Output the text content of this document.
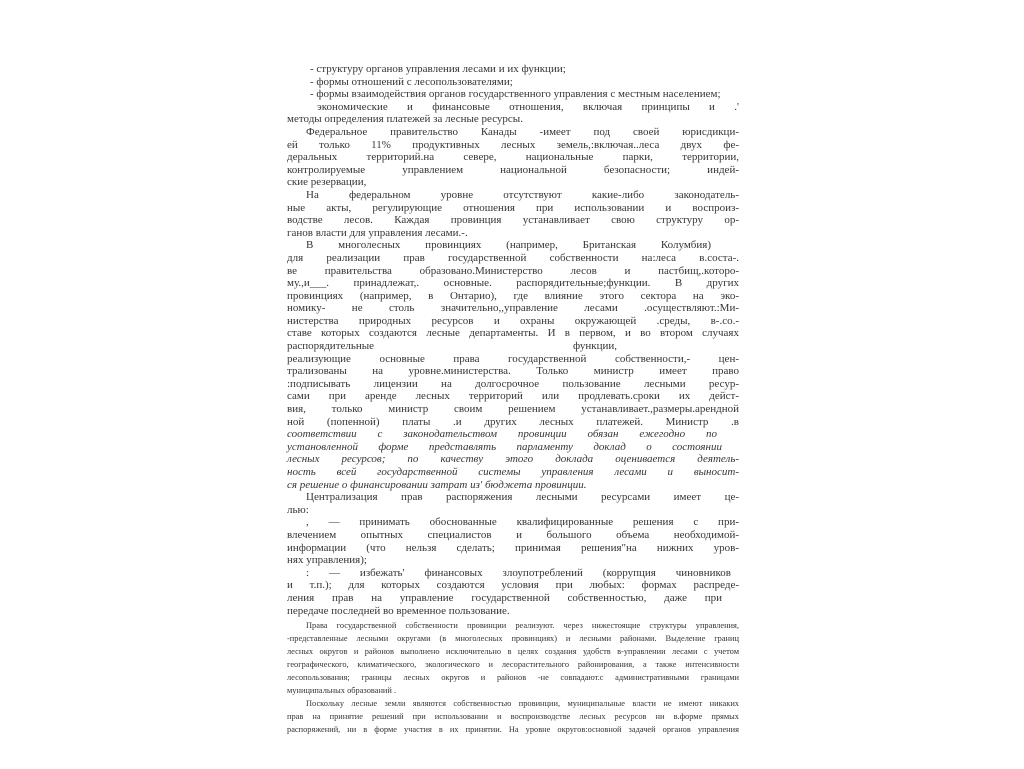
- структуру органов управления лесами и их функции;
- формы отношений с лесопользователями;
- формы взаимодействия органов государственного управления с местным населением;
экономические и финансовые отношения, включая принципы и .'
методы определения платежей за лесные ресурсы.
Федеральное правительство Канады -имеет под своей юрисдикци-
ей только 11% продуктивных лесных земель,:включая..леса двух фе-
деральных территорий.на севере, национальные парки, территории,
контролируемые управлением национальной безопасности; индей-
ские резервации,
На федеральном уровне отсутствуют какие-либо законодатель-
ные акты, регулирующие отношения при использовании и воспроиз-
водстве лесов. Каждая провинция устанавливает свою структуру ор-
ганов власти для управления лесами.-.
В многолесных провинциях (например, Британская Колумбия)
для реализации прав государственной собственности на:леса в.соста-.
ве правительства образовано.Министерство лесов и пастбищ,.которо-
му.,и___. принадлежат,. основные. распорядительные;функции. В других
провинциях (например, в Онтарио), где влияние этого сектора на эко-
номику- не столь значительно,,управление лесами .осуществляют.:Ми-
нистерства природных ресурсов и охраны окружающей .среды, в-.со.-
ставе которых создаются лесные департаменты. И в первом, и во втором случаях
распорядительные функции,
реализующие основные права государственной собственности,- цен-
трализованы на уровне.министерства. Только министр имеет право
:подписывать лицензии на долгосрочное пользование лесными ресур-
сами при аренде лесных территорий или продлевать.сроки их дейст-
вия, только министр своим решением устанавливает.,размеры.арендной
ной (попенной) платы .и других лесных платежей. Министр .в
соответствии с законодательством провинции обязан ежегодно по
установленной форме представлять парламенту доклад о состоянии
лесных ресурсов; по качеству этого доклада оценивается деятель-
ность всей государственной системы управления лесами и выносит-
ся решение о финансировании затрат из' бюджета провинции.
Централизация прав распоряжения лесными ресурсами имеет це-
лью:
, — принимать обоснованные квалифицированные решения с при-
влечением опытных специалистов и большого объема необходимой-
информации (что нельзя сделать; принимая решения"на нижних уров-
нях управления);
: — избежать' финансовых злоупотреблений (коррупция чиновников
и т.п.); для которых создаются условия при любых: формах распреде-
ления прав на управление государственной собственностью, даже при
передаче последней во временное пользование.
Права государственной собственности провинции реализуют. через нижестоящие структуры управления,
-представленные лесными округами (в многолесных провинциях) и лесными районами. Выделение границ
лесных округов и районов выполнено исключительно в целях создания удобств в-управлении лесами с учетом
географического, климатического, экологического и лесорастительного районирования, а также интенсивности
лесопользования; границы лесных округов и районов -не совпадают.с административными границами
муниципальных образований .
Поскольку лесные земли являются собственностью провинции, муниципальные власти не имеют никаких
прав на принятие решений при использовании и воспроизводстве лесных ресурсов ни в.форме прямых
распоряжений, ни в форме участия в их принятии. На уровне округов:основной задачей органов управления
